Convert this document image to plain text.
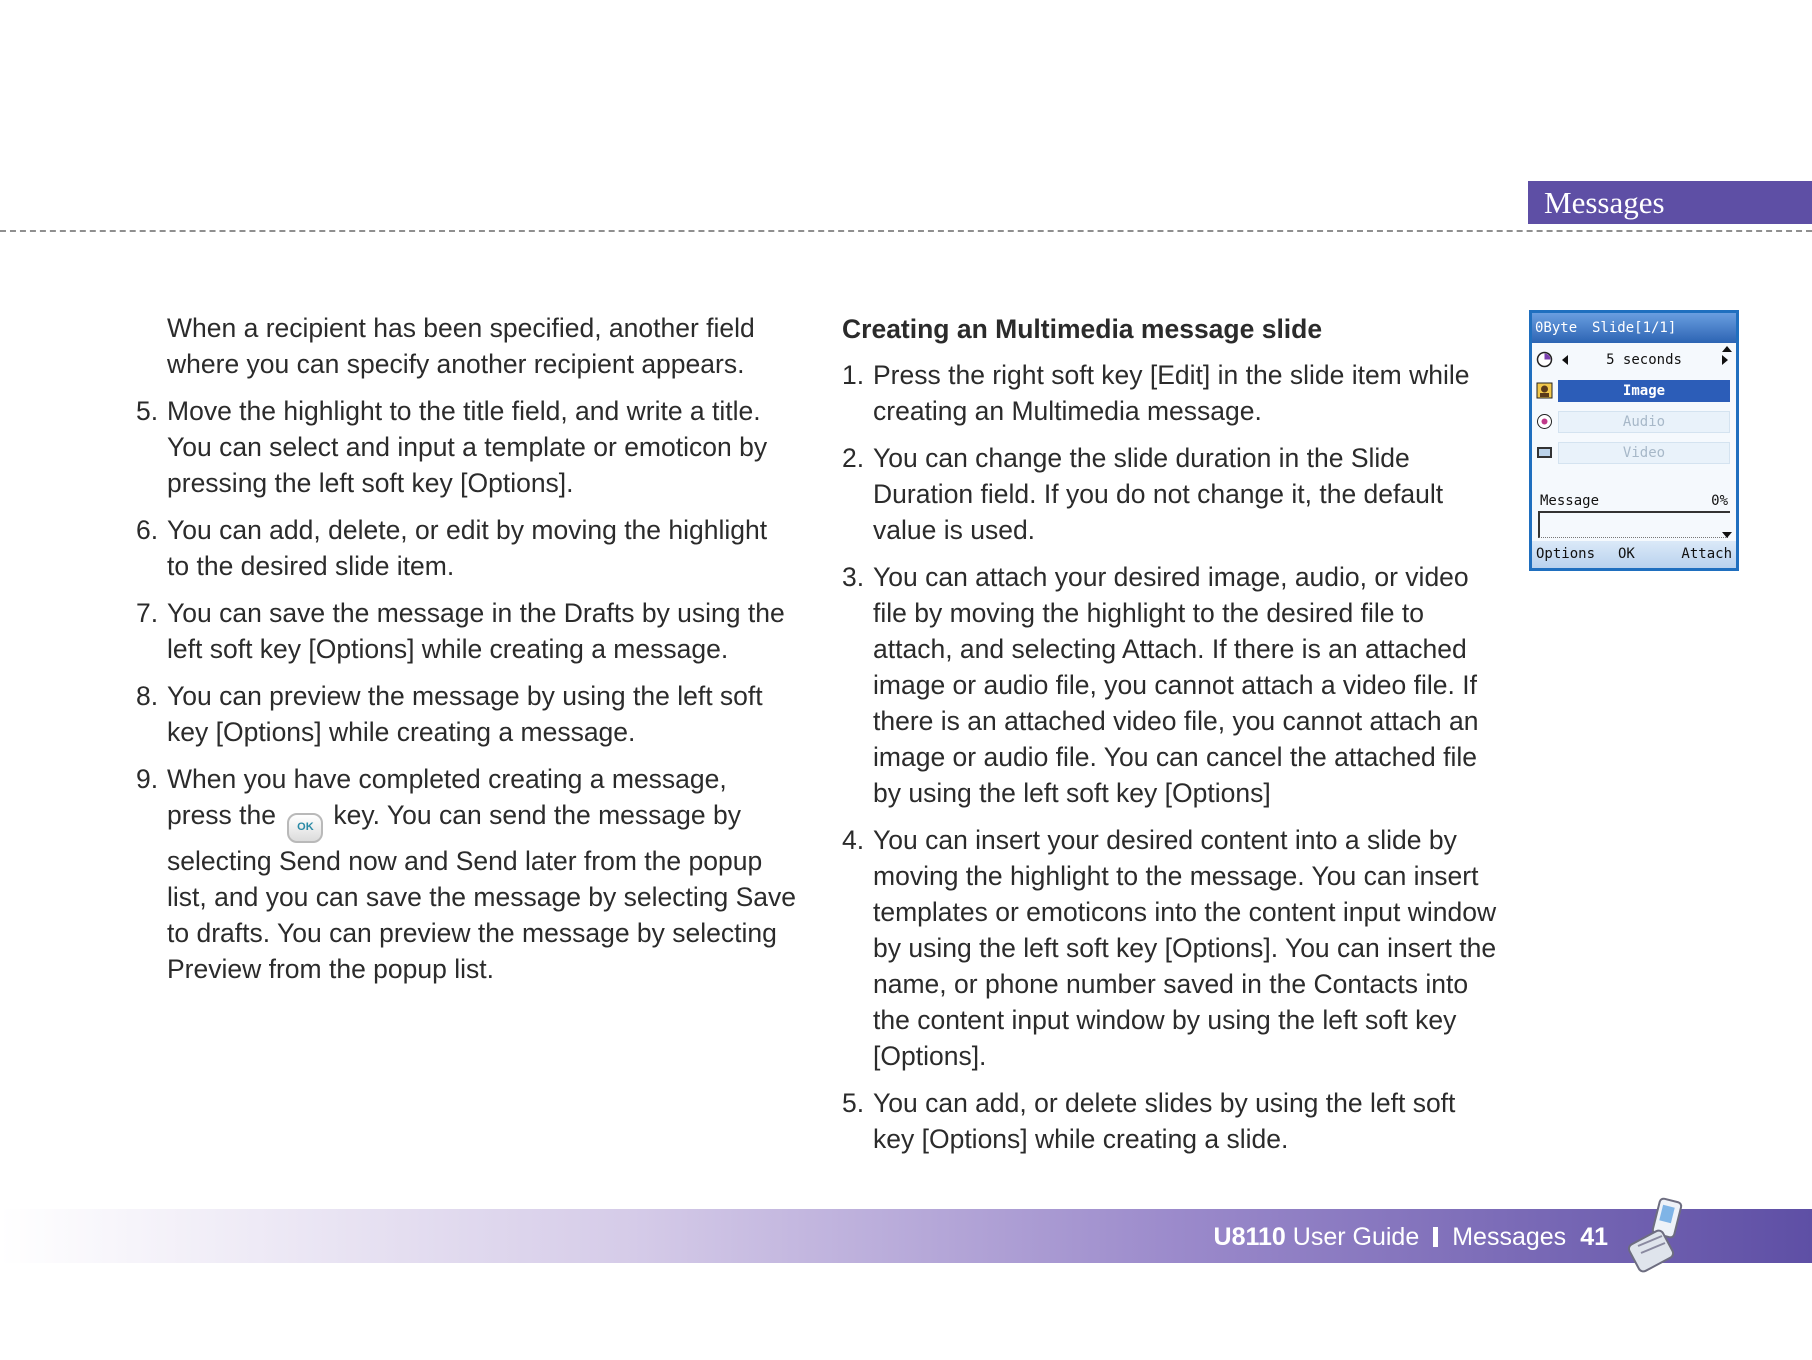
Messages

When a recipient has been specified, another field where you can specify another recipient appears.

5. Move the highlight to the title field, and write a title. You can select and input a template or emoticon by pressing the left soft key [Options].
6. You can add, delete, or edit by moving the highlight to the desired slide item.
7. You can save the message in the Drafts by using the left soft key [Options] while creating a message.
8. You can preview the message by using the left soft key [Options] while creating a message.
9. When you have completed creating a message, press the OK key. You can send the message by selecting Send now and Send later from the popup list, and you can save the message by selecting Save to drafts. You can preview the message by selecting Preview from the popup list.
Creating an Multimedia message slide
1. Press the right soft key [Edit] in the slide item while creating an Multimedia message.
2. You can change the slide duration in the Slide Duration field. If you do not change it, the default value is used.
3. You can attach your desired image, audio, or video file by moving the highlight to the desired file to attach, and selecting Attach. If there is an attached image or audio file, you cannot attach a video file. If there is an attached video file, you cannot attach an image or audio file. You can cancel the attached file by using the left soft key [Options]
4. You can insert your desired content into a slide by moving the highlight to the message. You can insert templates or emoticons into the content input window by using the left soft key [Options]. You can insert the name, or phone number saved in the Contacts into the content input window by using the left soft key [Options].
5. You can add, or delete slides by using the left soft key [Options] while creating a slide.
0Byte Slide[1/1]
5 seconds
Image
Audio
Video
Message	0%
Options OK	Attach
U8110 User Guide Messages 41
